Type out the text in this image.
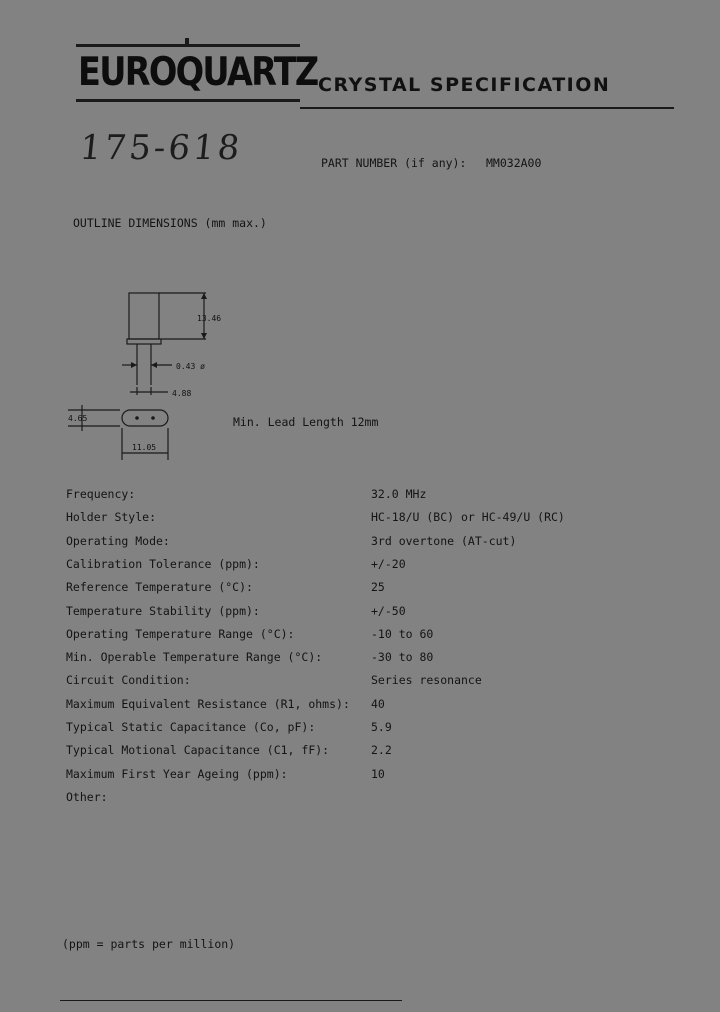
EUROQUARTZ CRYSTAL SPECIFICATION
175-618	PART NUMBER (if any): MM032A00
OUTLINE DIMENSIONS (mm max.)
13.46
0.43 ø
4.88
4.65
11.05
Min. Lead Length 12mm
Frequency:	32.0 MHz
Holder Style:	HC-18/U (BC) or HC-49/U (RC)
Operating Mode:	3rd overtone (AT-cut)
Calibration Tolerance (ppm):	+/-20
Reference Temperature (°C):	25
Temperature Stability (ppm):	+/-50
Operating Temperature Range (°C):	-10 to 60
Min. Operable Temperature Range (°C):	-30 to 80
Circuit Condition:	Series resonance
Maximum Equivalent Resistance (R1, ohms): 40
Typical Static Capacitance (Co, pF):	5.9
Typical Motional Capacitance (C1, fF):	2.2
Maximum First Year Ageing (ppm):	10
Other:
(ppm = parts per million)
